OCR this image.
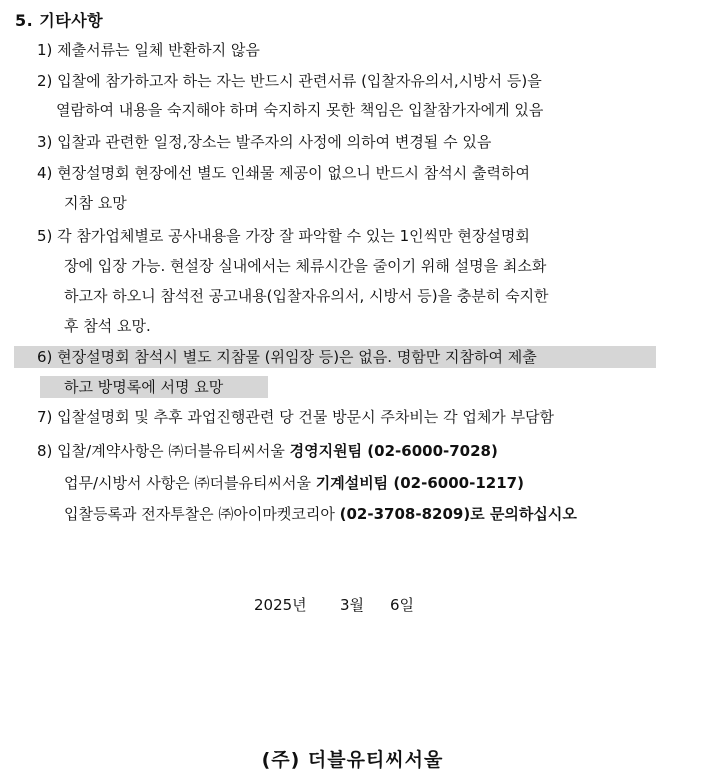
5. 기타사항
1) 제출서류는 일체 반환하지 않음
2) 입찰에 참가하고자 하는 자는 반드시 관련서류 (입찰자유의서,시방서 등)을
열람하여 내용을 숙지해야 하며 숙지하지 못한 책임은 입찰참가자에게 있음
3) 입찰과 관련한 일정,장소는 발주자의 사정에 의하여 변경될 수 있음
4) 현장설명회 현장에선 별도 인쇄물 제공이 없으니 반드시 참석시 출력하여
지참 요망
5) 각 참가업체별로 공사내용을 가장 잘 파악할 수 있는 1인씩만 현장설명회
장에 입장 가능. 현설장 실내에서는 체류시간을 줄이기 위해 설명을 최소화
하고자 하오니 참석전 공고내용(입찰자유의서, 시방서 등)을 충분히 숙지한
후 참석 요망.
6) 현장설명회 참석시 별도 지참물 (위임장 등)은 없음. 명함만 지참하여 제출
하고 방명록에 서명 요망
7) 입찰설명회 및 추후 과업진행관련 당 건물 방문시 주차비는 각 업체가 부담함
8) 입찰/계약사항은 ㈜더블유티씨서울 경영지원팀 (02-6000-7028)
업무/시방서 사항은 ㈜더블유티씨서울 기계설비팀 (02-6000-1217)
입찰등록과 전자투찰은 ㈜아이마켓코리아 (02-3708-8209)로 문의하십시오
2025년 3월 6일
(주) 더블유티씨서울
